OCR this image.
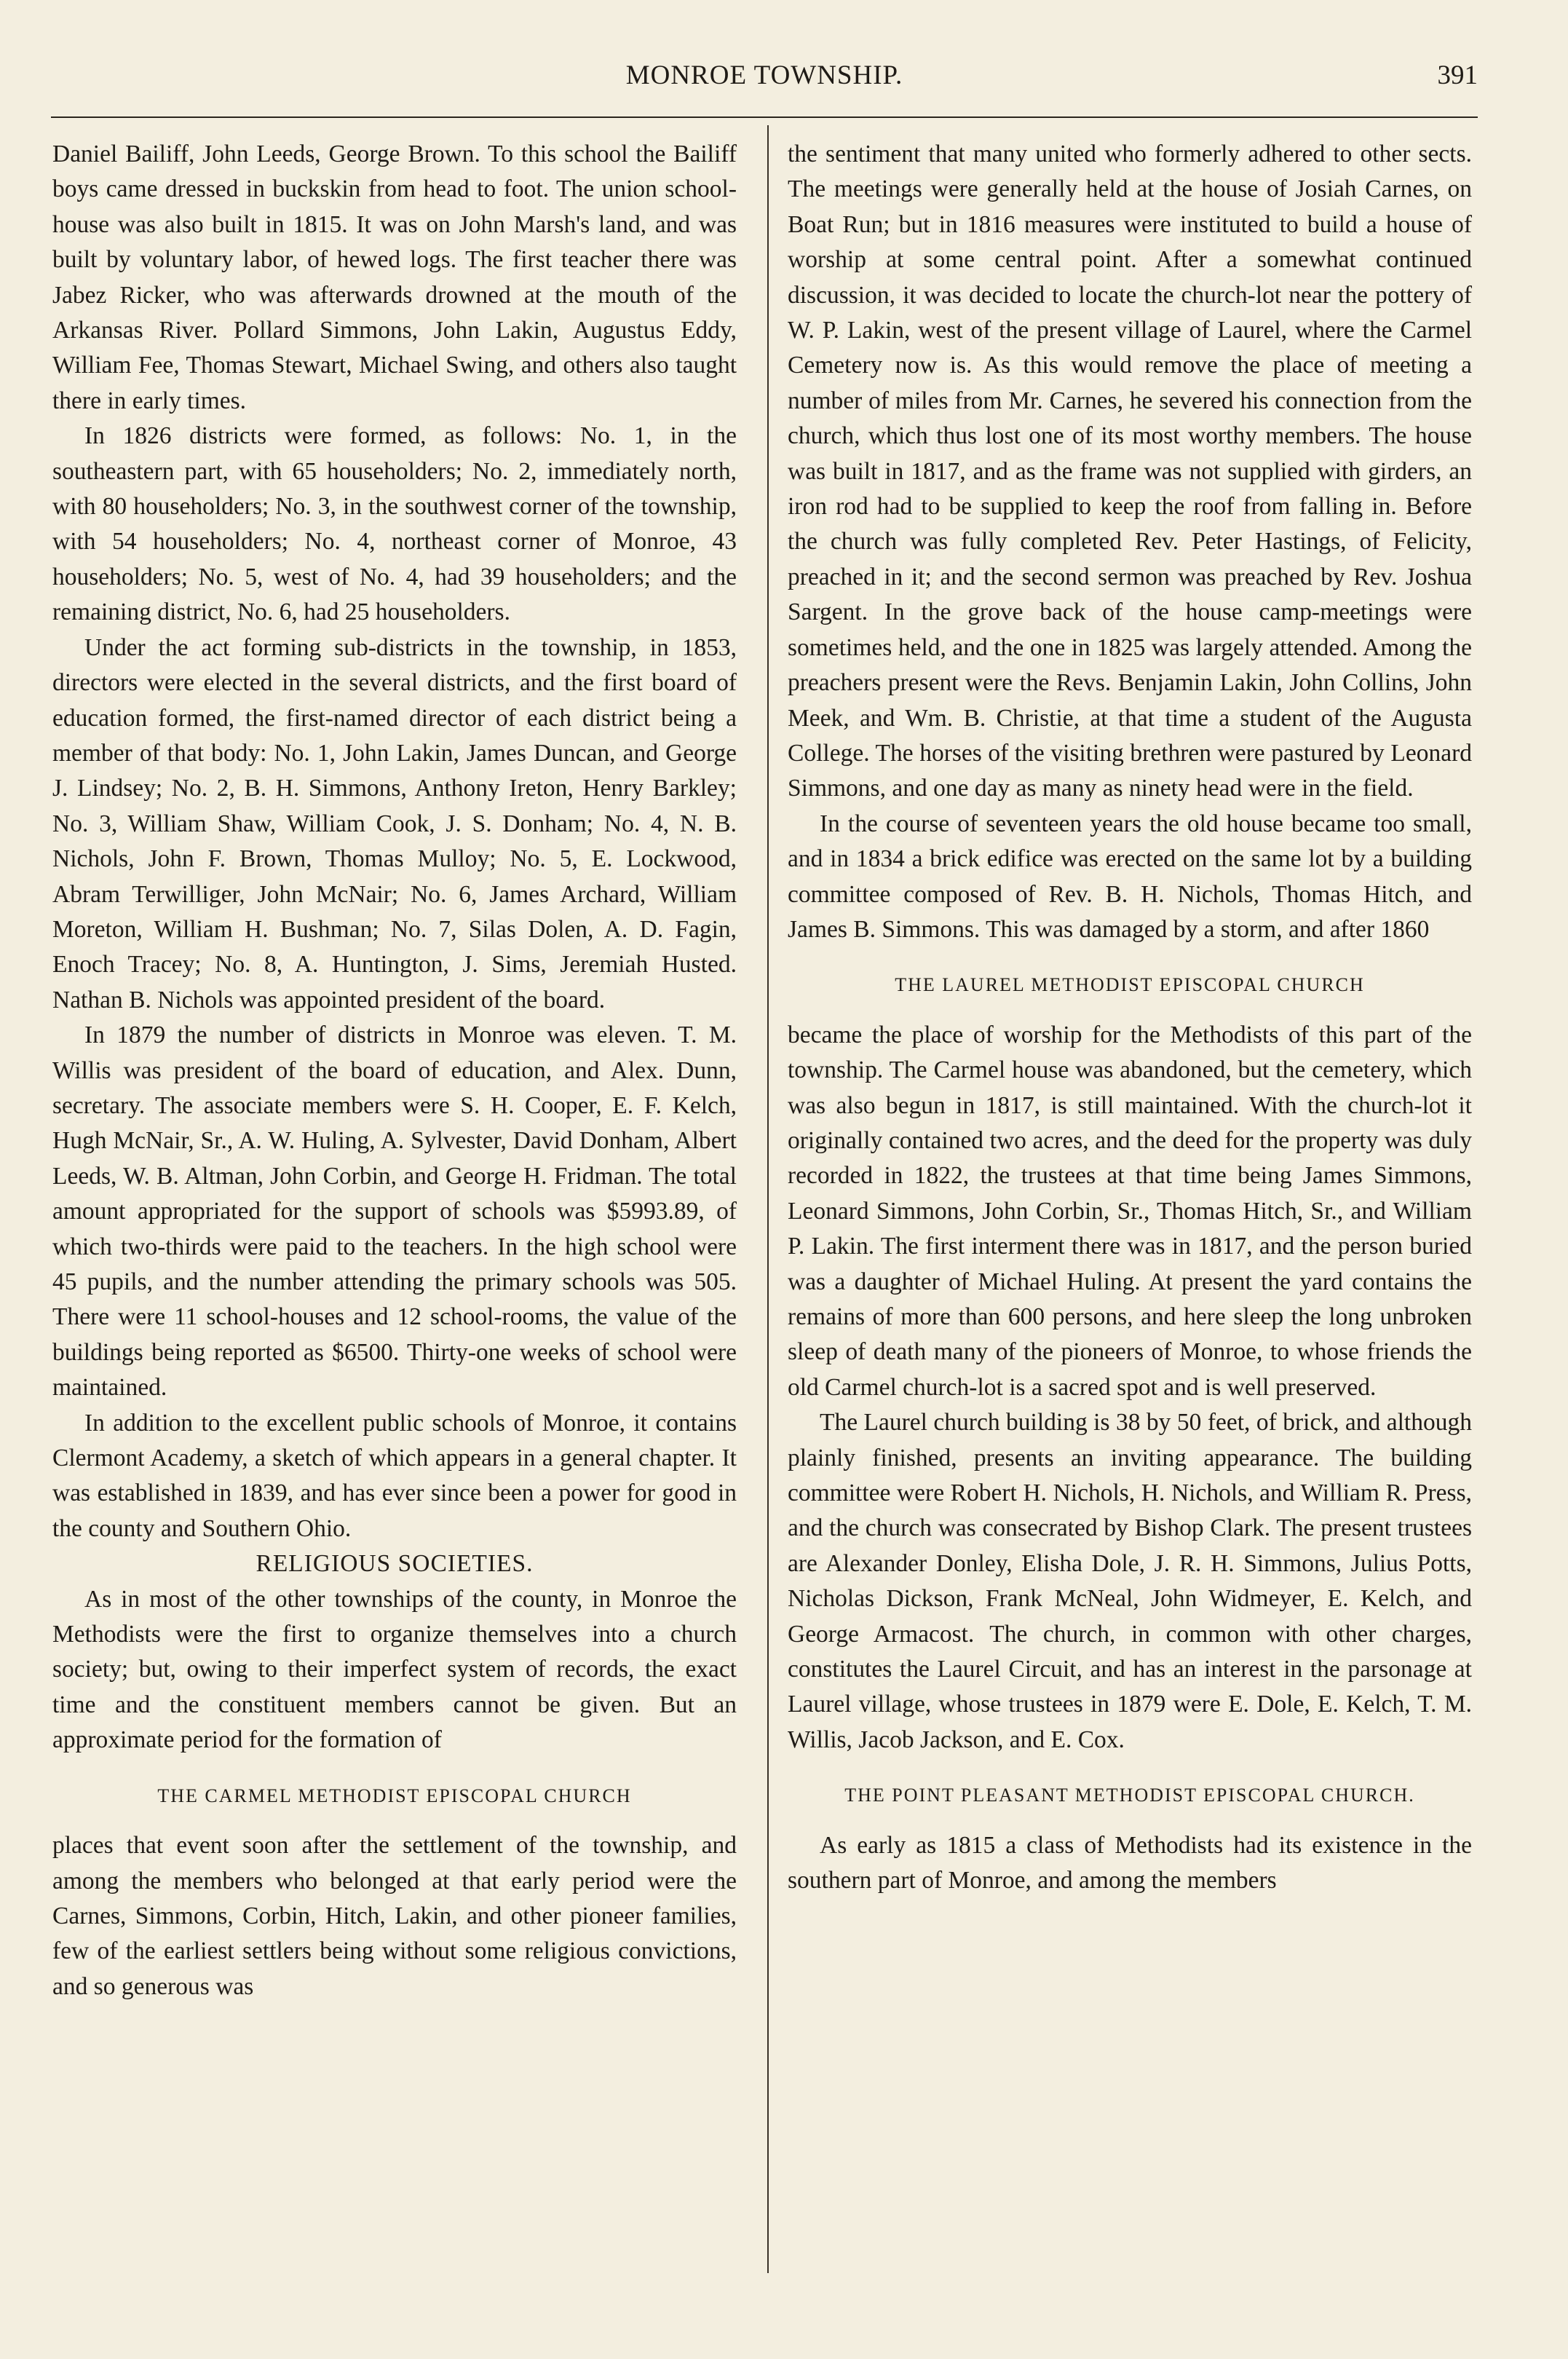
MONROE TOWNSHIP.	391

Daniel Bailiff, John Leeds, George Brown. To this school the Bailiff boys came dressed in buckskin from head to foot. The union school-house was also built in 1815. It was on John Marsh's land, and was built by voluntary labor, of hewed logs. The first teacher there was Jabez Ricker, who was afterwards drowned at the mouth of the Arkansas River. Pollard Simmons, John Lakin, Augustus Eddy, William Fee, Thomas Stewart, Michael Swing, and others also taught there in early times.

In 1826 districts were formed, as follows: No. 1, in the southeastern part, with 65 householders; No. 2, immediately north, with 80 householders; No. 3, in the southwest corner of the township, with 54 householders; No. 4, northeast corner of Monroe, 43 householders; No. 5, west of No. 4, had 39 householders; and the remaining district, No. 6, had 25 householders.

Under the act forming sub-districts in the township, in 1853, directors were elected in the several districts, and the first board of education formed, the first-named director of each district being a member of that body: No. 1, John Lakin, James Duncan, and George J. Lindsey; No. 2, B. H. Simmons, Anthony Ireton, Henry Barkley; No. 3, William Shaw, William Cook, J. S. Donham; No. 4, N. B. Nichols, John F. Brown, Thomas Mulloy; No. 5, E. Lockwood, Abram Terwilliger, John McNair; No. 6, James Archard, William Moreton, William H. Bushman; No. 7, Silas Dolen, A. D. Fagin, Enoch Tracey; No. 8, A. Huntington, J. Sims, Jeremiah Husted. Nathan B. Nichols was appointed president of the board.

In 1879 the number of districts in Monroe was eleven. T. M. Willis was president of the board of education, and Alex. Dunn, secretary. The associate members were S. H. Cooper, E. F. Kelch, Hugh McNair, Sr., A. W. Huling, A. Sylvester, David Donham, Albert Leeds, W. B. Altman, John Corbin, and George H. Fridman. The total amount appropriated for the support of schools was $5993.89, of which two-thirds were paid to the teachers. In the high school were 45 pupils, and the number attending the primary schools was 505. There were 11 school-houses and 12 school-rooms, the value of the buildings being reported as $6500. Thirty-one weeks of school were maintained.

In addition to the excellent public schools of Monroe, it contains Clermont Academy, a sketch of which appears in a general chapter. It was established in 1839, and has ever since been a power for good in the county and Southern Ohio.

RELIGIOUS SOCIETIES.

As in most of the other townships of the county, in Monroe the Methodists were the first to organize themselves into a church society; but, owing to their imperfect system of records, the exact time and the constituent members cannot be given. But an approximate period for the formation of

THE CARMEL METHODIST EPISCOPAL CHURCH

places that event soon after the settlement of the township, and among the members who belonged at that early period were the Carnes, Simmons, Corbin, Hitch, Lakin, and other pioneer families, few of the earliest settlers being without some religious convictions, and so generous was

the sentiment that many united who formerly adhered to other sects. The meetings were generally held at the house of Josiah Carnes, on Boat Run; but in 1816 measures were instituted to build a house of worship at some central point. After a somewhat continued discussion, it was decided to locate the church-lot near the pottery of W. P. Lakin, west of the present village of Laurel, where the Carmel Cemetery now is. As this would remove the place of meeting a number of miles from Mr. Carnes, he severed his connection from the church, which thus lost one of its most worthy members. The house was built in 1817, and as the frame was not supplied with girders, an iron rod had to be supplied to keep the roof from falling in. Before the church was fully completed Rev. Peter Hastings, of Felicity, preached in it; and the second sermon was preached by Rev. Joshua Sargent. In the grove back of the house camp-meetings were sometimes held, and the one in 1825 was largely attended. Among the preachers present were the Revs. Benjamin Lakin, John Collins, John Meek, and Wm. B. Christie, at that time a student of the Augusta College. The horses of the visiting brethren were pastured by Leonard Simmons, and one day as many as ninety head were in the field.

In the course of seventeen years the old house became too small, and in 1834 a brick edifice was erected on the same lot by a building committee composed of Rev. B. H. Nichols, Thomas Hitch, and James B. Simmons. This was damaged by a storm, and after 1860

THE LAUREL METHODIST EPISCOPAL CHURCH

became the place of worship for the Methodists of this part of the township. The Carmel house was abandoned, but the cemetery, which was also begun in 1817, is still maintained. With the church-lot it originally contained two acres, and the deed for the property was duly recorded in 1822, the trustees at that time being James Simmons, Leonard Simmons, John Corbin, Sr., Thomas Hitch, Sr., and William P. Lakin. The first interment there was in 1817, and the person buried was a daughter of Michael Huling. At present the yard contains the remains of more than 600 persons, and here sleep the long unbroken sleep of death many of the pioneers of Monroe, to whose friends the old Carmel church-lot is a sacred spot and is well preserved.

The Laurel church building is 38 by 50 feet, of brick, and although plainly finished, presents an inviting appearance. The building committee were Robert H. Nichols, H. Nichols, and William R. Press, and the church was consecrated by Bishop Clark. The present trustees are Alexander Donley, Elisha Dole, J. R. H. Simmons, Julius Potts, Nicholas Dickson, Frank McNeal, John Widmeyer, E. Kelch, and George Armacost. The church, in common with other charges, constitutes the Laurel Circuit, and has an interest in the parsonage at Laurel village, whose trustees in 1879 were E. Dole, E. Kelch, T. M. Willis, Jacob Jackson, and E. Cox.

THE POINT PLEASANT METHODIST EPISCOPAL CHURCH.

As early as 1815 a class of Methodists had its existence in the southern part of Monroe, and among the members
